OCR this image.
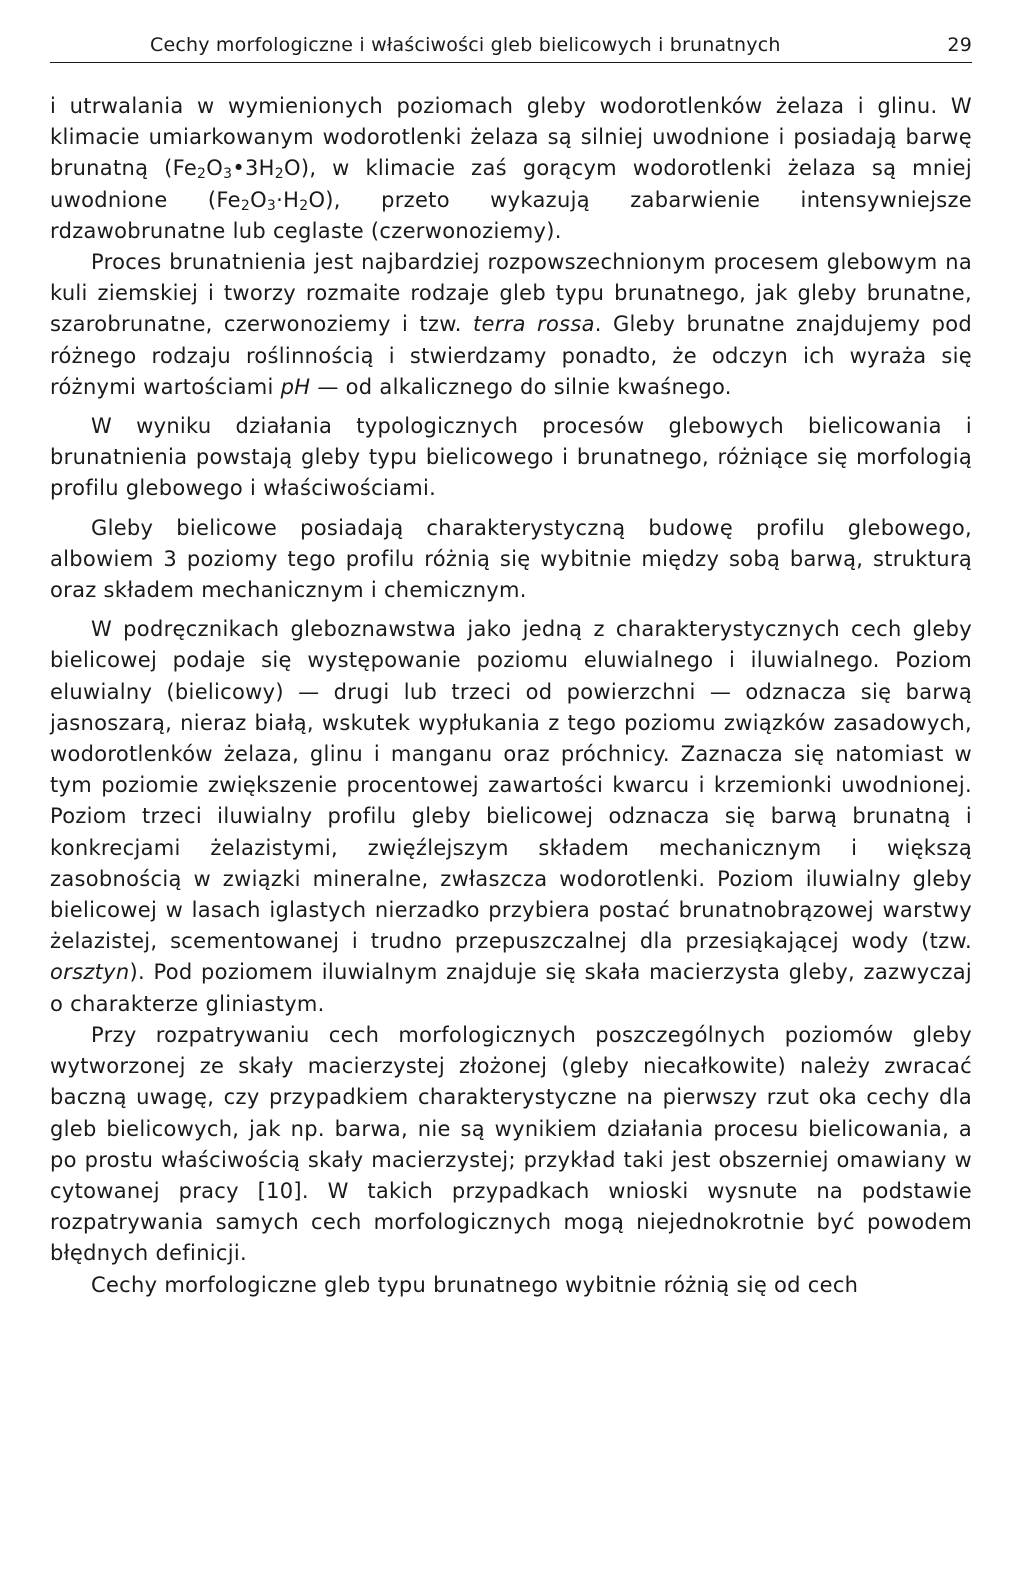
Cechy morfologiczne i właściwości gleb bielicowych i brunatnych	29

i utrwalania w wymienionych poziomach gleby wodorotlenków żelaza i glinu. W klimacie umiarkowanym wodorotlenki żelaza są silniej uwodnione i posiadają barwę brunatną $(Fe_2O_3•3H_2O)$, w klimacie zaś gorącym wodorotlenki żelaza są mniej uwodnione $(Fe_2O_3\cdot H_2O)$, przeto wykazują zabarwienie intensywniejsze rdzawobrunatne lub ceglaste (czerwonoziemy).

Proces brunatnienia jest najbardziej rozpowszechnionym procesem glebowym na kuli ziemskiej i tworzy rozmaite rodzaje gleb typu brunatnego, jak gleby brunatne, szarobrunatne, czerwonoziemy i tzw. terra rossa. Gleby brunatne znajdujemy pod różnego rodzaju roślinnością i stwierdzamy ponadto, że odczyn ich wyraża się różnymi wartościami pH — od alkalicznego do silnie kwaśnego.

W wyniku działania typologicznych procesów glebowych bielicowania i brunatnienia powstają gleby typu bielicowego i brunatnego, różniące się morfologią profilu glebowego i właściwościami.

Gleby bielicowe posiadają charakterystyczną budowę profilu glebowego, albowiem 3 poziomy tego profilu różnią się wybitnie między sobą barwą, strukturą oraz składem mechanicznym i chemicznym.

W podręcznikach gleboznawstwa jako jedną z charakterystycznych cech gleby bielicowej podaje się występowanie poziomu eluwialnego i iluwialnego. Poziom eluwialny (bielicowy) — drugi lub trzeci od powierzchni — odznacza się barwą jasnoszarą, nieraz białą, wskutek wypłukania z tego poziomu związków zasadowych, wodorotlenków żelaza, glinu i manganu oraz próchnicy. Zaznacza się natomiast w tym poziomie zwiększenie procentowej zawartości kwarcu i krzemionki uwodnionej. Poziom trzeci iluwialny profilu gleby bielicowej odznacza się barwą brunatną i konkrecjami żelazistymi, zwięźlejszym składem mechanicznym i większą zasobnością w związki mineralne, zwłaszcza wodorotlenki. Poziom iluwialny gleby bielicowej w lasach iglastych nierzadko przybiera postać brunatnobrązowej warstwy żelazistej, scementowanej i trudno przepuszczalnej dla przesiąkającej wody (tzw. orsztyn). Pod poziomem iluwialnym znajduje się skała macierzysta gleby, zazwyczaj o charakterze gliniastym.

Przy rozpatrywaniu cech morfologicznych poszczególnych poziomów gleby wytworzonej ze skały macierzystej złożonej (gleby niecałkowite) należy zwracać baczną uwagę, czy przypadkiem charakterystyczne na pierwszy rzut oka cechy dla gleb bielicowych, jak np. barwa, nie są wynikiem działania procesu bielicowania, a po prostu właściwością skały macierzystej; przykład taki jest obszerniej omawiany w cytowanej pracy [10]. W takich przypadkach wnioski wysnute na podstawie rozpatrywania samych cech morfologicznych mogą niejednokrotnie być powodem błędnych definicji.

Cechy morfologiczne gleb typu brunatnego wybitnie różnią się od cech
